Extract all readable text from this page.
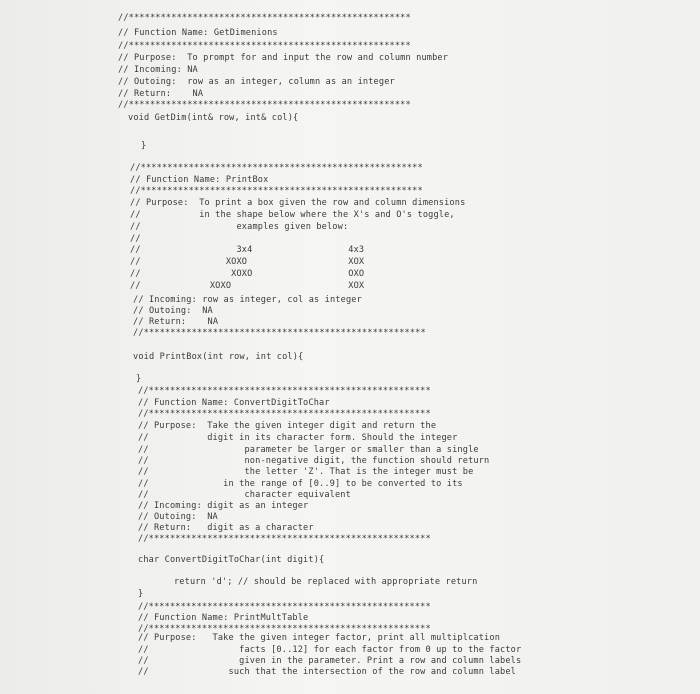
//*****************************************************
// Function Name: GetDimenions
//*****************************************************
// Purpose:  To prompt for and input the row and column number
// Incoming: NA
// Outoing:  row as an integer, column as an integer
// Return:    NA
//*****************************************************
void GetDim(int& row, int& col){
}
//*****************************************************
// Function Name: PrintBox
//*****************************************************
// Purpose:  To print a box given the row and column dimensions
//           in the shape below where the X's and O's toggle,
//                  examples given below:
//
//                  3x4                  4x3
//                XOXO                   XOX
//                 XOXO                  OXO
//             XOXO                      XOX
// Incoming: row as integer, col as integer
// Outoing:  NA
// Return:    NA
//*****************************************************
void PrintBox(int row, int col){
}
//*****************************************************
// Function Name: ConvertDigitToChar
//*****************************************************
// Purpose:  Take the given integer digit and return the
//           digit in its character form. Should the integer
//                  parameter be larger or smaller than a single
//                  non-negative digit, the function should return
//                  the letter 'Z'. That is the integer must be
//              in the range of [0..9] to be converted to its
//                  character equivalent
// Incoming: digit as an integer
// Outoing:  NA
// Return:   digit as a character
//*****************************************************
char ConvertDigitToChar(int digit){
return 'd'; // should be replaced with appropriate return
}
//*****************************************************
// Function Name: PrintMultTable
//*****************************************************
// Purpose:   Take the given integer factor, print all multiplcation
//                 facts [0..12] for each factor from 0 up to the factor
//                 given in the parameter. Print a row and column labels
//               such that the intersection of the row and column label
